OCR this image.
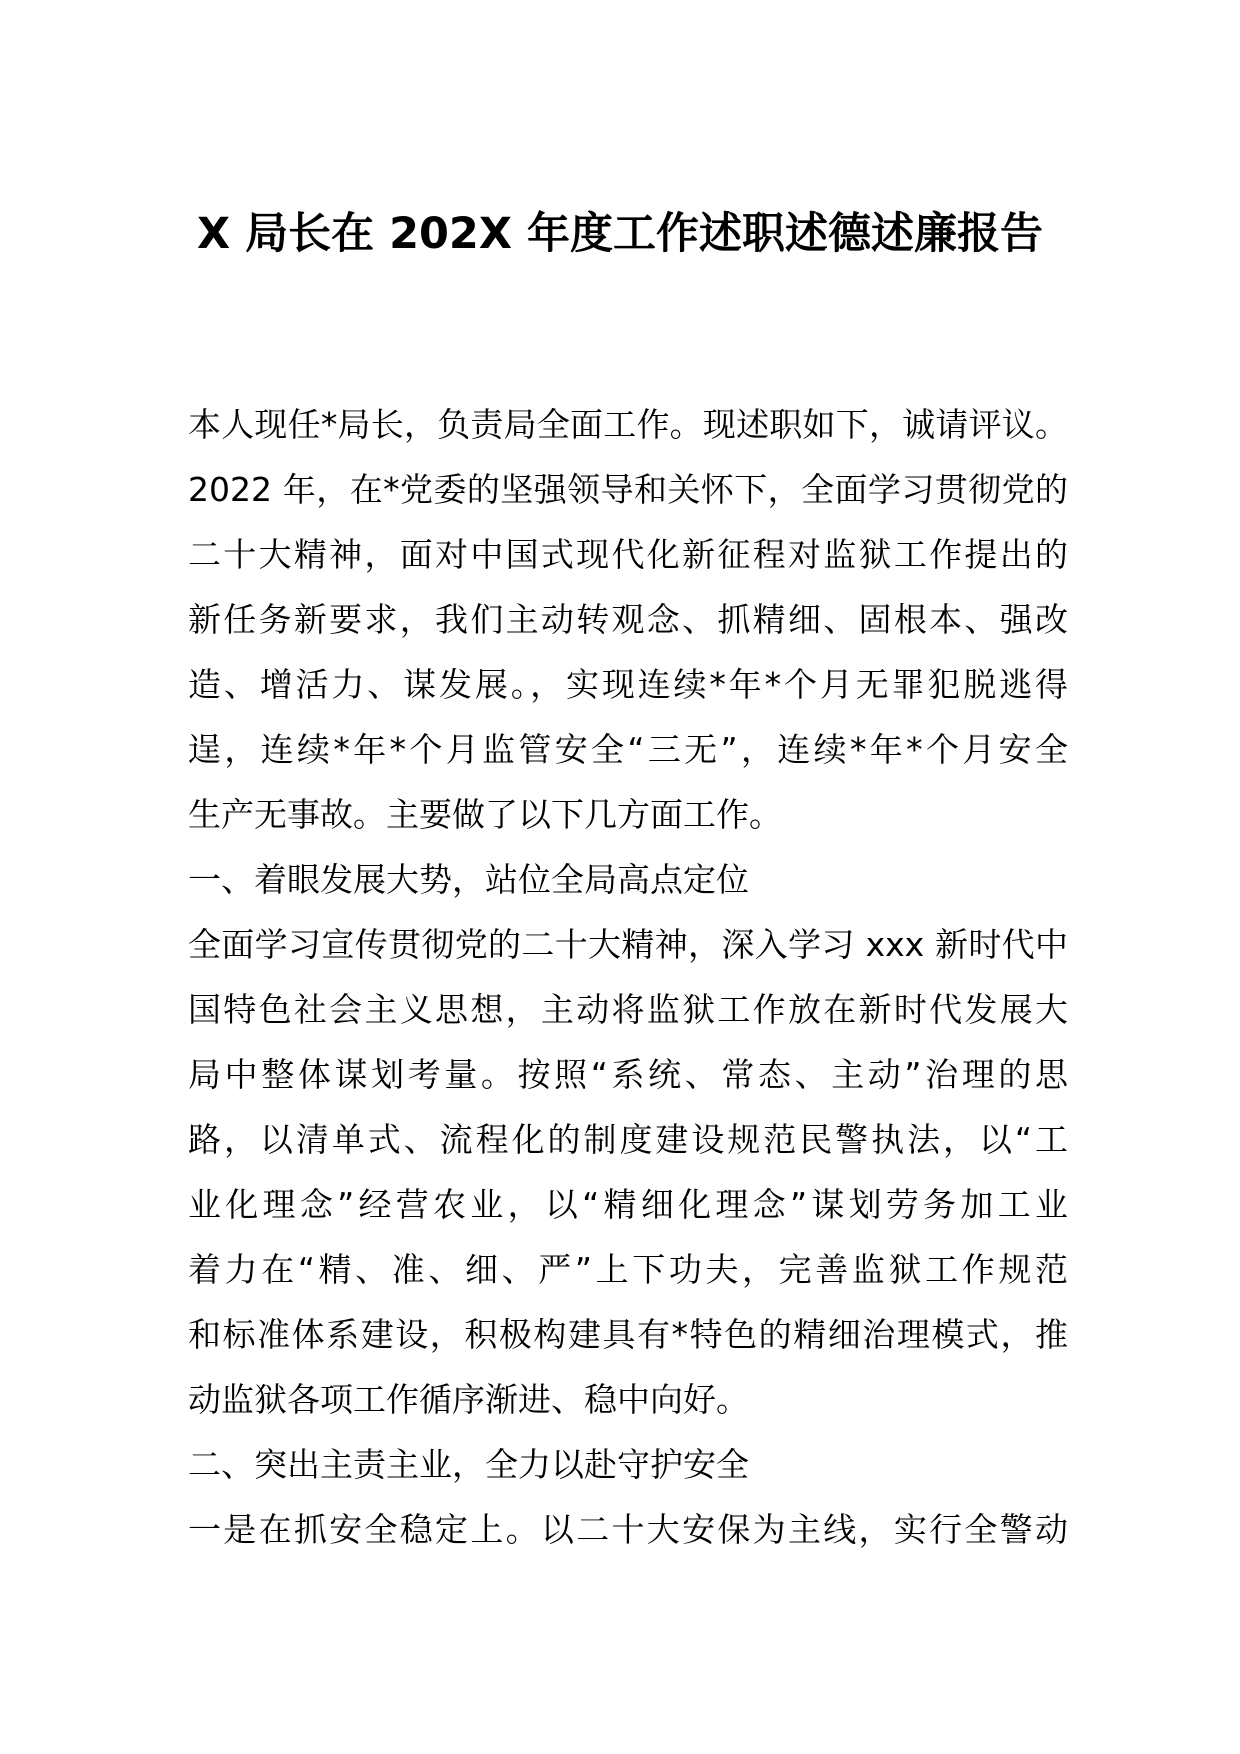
X 局长在 202X 年度工作述职述德述廉报告
本人现任*局长，负责局全面工作。现述职如下，诚请评议。
2022 年，在*党委的坚强领导和关怀下，全面学习贯彻党的
二十大精神，面对中国式现代化新征程对监狱工作提出的
新任务新要求，我们主动转观念、抓精细、固根本、强改
造、增活力、谋发展。，实现连续*年*个月无罪犯脱逃得
逞，连续*年*个月监管安全“三无”，连续*年*个月安全
生产无事故。主要做了以下几方面工作。
一、着眼发展大势，站位全局高点定位
全面学习宣传贯彻党的二十大精神，深入学习 xxx 新时代中
国特色社会主义思想，主动将监狱工作放在新时代发展大
局中整体谋划考量。按照“系统、常态、主动”治理的思
路，以清单式、流程化的制度建设规范民警执法，以“工
业化理念”经营农业，以“精细化理念”谋划劳务加工业
着力在“精、准、细、严”上下功夫，完善监狱工作规范
和标准体系建设，积极构建具有*特色的精细治理模式，推
动监狱各项工作循序渐进、稳中向好。
二、突出主责主业，全力以赴守护安全
一是在抓安全稳定上。以二十大安保为主线，实行全警动
